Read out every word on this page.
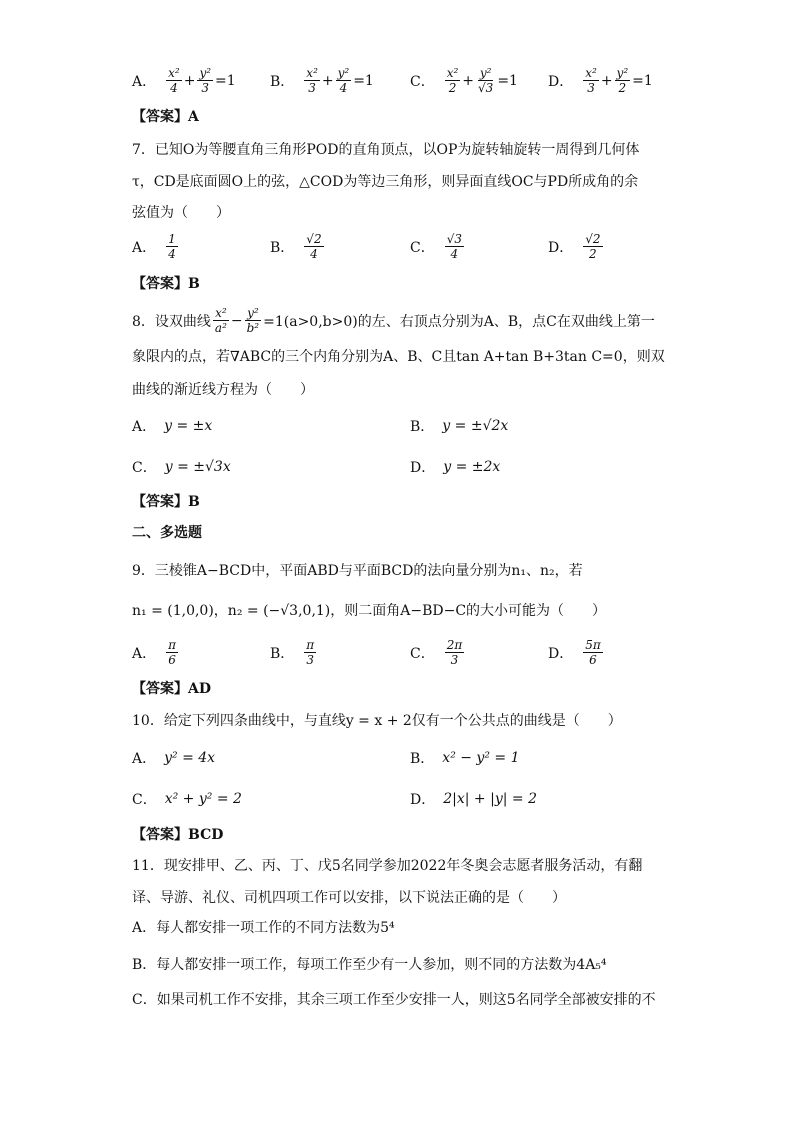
A． $\frac{\text{x²}}{4} + \frac{\text{y²}}{3} =1$ B． $\frac{\text{x²}}{3} + \frac{\text{y²}}{4} =1$	C． $\frac{\text{x²}}{2} + \frac{\text{y²}}{√3} =1$ D． $\frac{\text{x²}}{3} + \frac{\text{y²}}{2} =1$
【答案】A
7．已知O为等腰直角三角形POD的直角顶点，以OP为旋转轴旋转一周得到几何体
τ，CD是底面圆O上的弦，△COD为等边三角形，则异面直线OC与PD所成角的余
弦值为（　　）
A． $\frac{1}{4}$	B． $\frac{√2}{4}$	C． $\frac{√3}{4}$	D． $\frac{√2}{2}$
【答案】B
8．设双曲线 $\frac{\text{x²}}{\text{a²}} - \frac{\text{y²}}{\text{b²}} =1(a>0,b>0)$的左、右顶点分别为A、B，点C在双曲线上第一
象限内的点，若∇ABC的三个内角分别为A、B、C且tan A+tan B+3tan C=0，则双
曲线的渐近线方程为（　　）
A． y = ±x	B． y = ±√2x
C． y = ±√3x	D． y = ±2x
【答案】B
二、多选题
9．三棱锥A−BCD中，平面ABD与平面BCD的法向量分别为n₁、n₂，若
n₁ = (1,0,0)，n₂ = (−√3,0,1)，则二面角A−BD−C的大小可能为（　　）
A． $\frac{\pi}{6}$	B． $\frac{\pi}{3}$	C． $\frac{2\pi}{3}$	D． $\frac{5\pi}{6}$
【答案】AD
10．给定下列四条曲线中，与直线y = x + 2仅有一个公共点的曲线是（　　）
A． y² = 4x	B． x² − y² = 1
C． x² + y² = 2	D． 2|x| + |y| = 2
【答案】BCD
11．现安排甲、乙、丙、丁、戊5名同学参加2022年冬奥会志愿者服务活动，有翻
译、导游、礼仪、司机四项工作可以安排，以下说法正确的是（　　）
A．每人都安排一项工作的不同方法数为5⁴
B．每人都安排一项工作，每项工作至少有一人参加，则不同的方法数为4A₅⁴
C．如果司机工作不安排，其余三项工作至少安排一人，则这5名同学全部被安排的不
